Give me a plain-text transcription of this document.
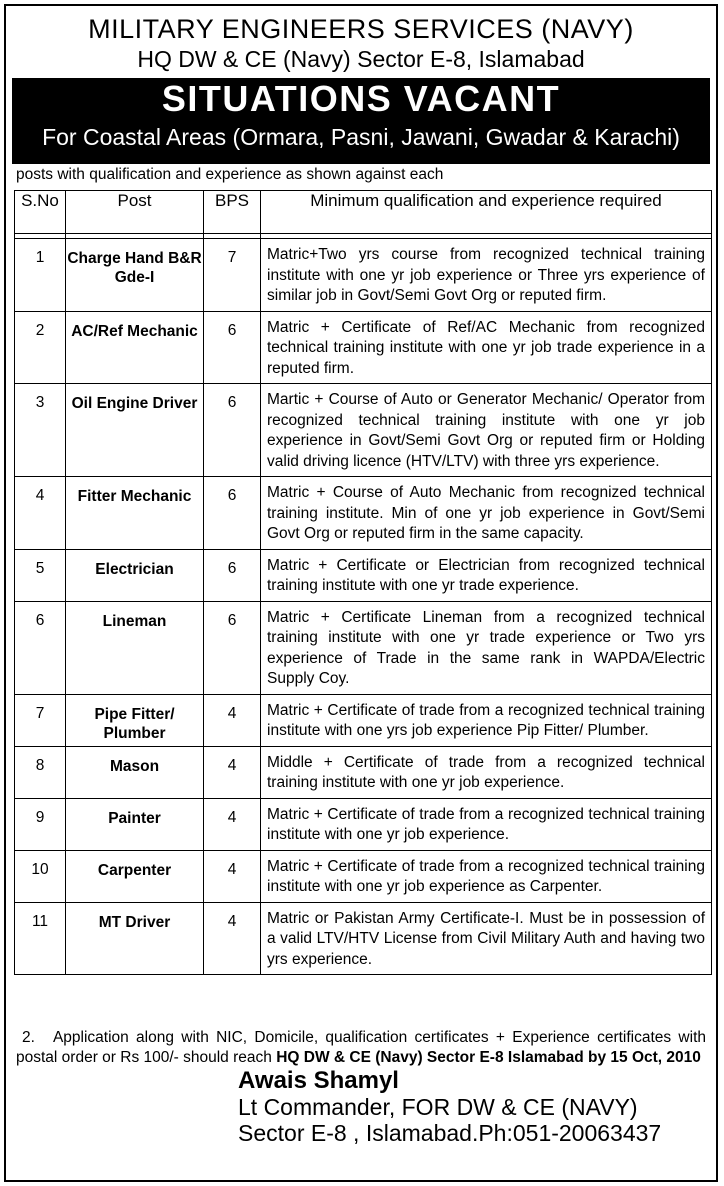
MILITARY ENGINEERS SERVICES (NAVY)
HQ DW & CE (Navy) Sector E-8, Islamabad
SITUATIONS VACANT
For Coastal Areas (Ormara, Pasni, Jawani, Gwadar & Karachi)
1. Applications are invited from suitable candidates for appointment on merit against the following posts with qualification and experience as shown against each
S.No	Post	BPS	Minimum qualification and experience required

1	Charge Hand B&R Gde-I	7	Matric+Two yrs course from recognized technical training institute with one yr job experience or Three yrs experience of similar job in Govt/Semi Govt Org or reputed firm.
2	AC/Ref Mechanic	6	Matric + Certificate of Ref/AC Mechanic from recognized technical training institute with one yr job trade experience in a reputed firm.
3	Oil Engine Driver	6	Martic + Course of Auto or Generator Mechanic/ Operator from recognized technical training institute with one yr job experience in Govt/Semi Govt Org or reputed firm or Holding valid driving licence (HTV/LTV) with three yrs experience.
4	Fitter Mechanic	6	Matric + Course of Auto Mechanic from recognized technical training institute. Min of one yr job experience in Govt/Semi Govt Org or reputed firm in the same capacity.
5	Electrician	6	Matric + Certificate or Electrician from recognized technical training institute with one yr trade experience.
6	Lineman	6	Matric + Certificate Lineman from a recognized technical training institute with one yr trade experience or Two yrs experience of Trade in the same rank in WAPDA/Electric Supply Coy.
7	Pipe Fitter/ Plumber	4	Matric + Certificate of trade from a recognized technical training institute with one yrs job experience Pip Fitter/ Plumber.
8	Mason	4	Middle + Certificate of trade from a recognized technical training institute with one yr job experience.
9	Painter	4	Matric + Certificate of trade from a recognized technical training institute with one yr job experience.
10	Carpenter	4	Matric + Certificate of trade from a recognized technical training institute with one yr job experience as Carpenter.
11	MT Driver	4	Matric or Pakistan Army Certificate-I. Must be in possession of a valid LTV/HTV License from Civil Military Auth and having two yrs experience.
2. Application along with NIC, Domicile, qualification certificates + Experience certificates with postal order or Rs 100/- should reach HQ DW & CE (Navy) Sector E-8 Islamabad by 15 Oct, 2010
Awais Shamyl
Lt Commander, FOR DW & CE (NAVY)
Sector E-8 , Islamabad.Ph:051-20063437
